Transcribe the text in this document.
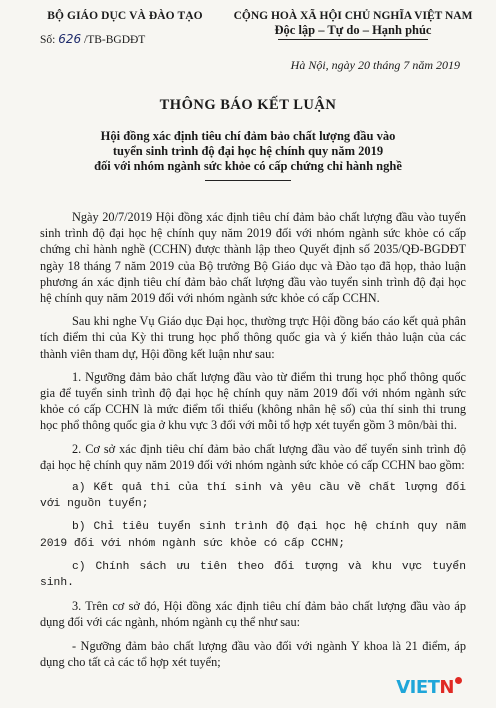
BỘ GIÁO DỤC VÀ ĐÀO TẠO
Số: 626 /TB-BGDĐT
CỘNG HOÀ XÃ HỘI CHỦ NGHĨA VIỆT NAM
Độc lập – Tự do – Hạnh phúc
Hà Nội, ngày 20 tháng 7 năm 2019
THÔNG BÁO KẾT LUẬN
Hội đồng xác định tiêu chí đảm bảo chất lượng đầu vào
tuyển sinh trình độ đại học hệ chính quy năm 2019
đối với nhóm ngành sức khỏe có cấp chứng chỉ hành nghề

Ngày 20/7/2019 Hội đồng xác định tiêu chí đảm bảo chất lượng đầu vào tuyển sinh trình độ đại học hệ chính quy năm 2019 đối với nhóm ngành sức khỏe có cấp chứng chỉ hành nghề (CCHN) được thành lập theo Quyết định số 2035/QĐ-BGDĐT ngày 18 tháng 7 năm 2019 của Bộ trưởng Bộ Giáo dục và Đào tạo đã họp, thảo luận phương án xác định tiêu chí đảm bảo chất lượng đầu vào tuyển sinh trình độ đại học hệ chính quy năm 2019 đối với nhóm ngành sức khỏe có cấp CCHN.

Sau khi nghe Vụ Giáo dục Đại học, thường trực Hội đồng báo cáo kết quả phân tích điểm thi của Kỳ thi trung học phổ thông quốc gia và ý kiến thảo luận của các thành viên tham dự, Hội đồng kết luận như sau:

1. Ngưỡng đảm bảo chất lượng đầu vào từ điểm thi trung học phổ thông quốc gia để tuyển sinh trình độ đại học hệ chính quy năm 2019 đối với nhóm ngành sức khỏe có cấp CCHN là mức điểm tối thiểu (không nhân hệ số) của thí sinh thi trung học phổ thông quốc gia ở khu vực 3 đối với mỗi tổ hợp xét tuyển gồm 3 môn/bài thi.

2. Cơ sở xác định tiêu chí đảm bảo chất lượng đầu vào để tuyển sinh trình độ đại học hệ chính quy năm 2019 đối với nhóm ngành sức khỏe có cấp CCHN bao gồm:

a) Kết quả thi của thí sinh và yêu cầu về chất lượng đối với nguồn tuyển;

b) Chỉ tiêu tuyển sinh trình độ đại học hệ chính quy năm 2019 đối với nhóm ngành sức khỏe có cấp CCHN;

c) Chính sách ưu tiên theo đối tượng và khu vực tuyển sinh.

3. Trên cơ sở đó, Hội đồng xác định tiêu chí đảm bảo chất lượng đầu vào áp dụng đối với các ngành, nhóm ngành cụ thể như sau:

- Ngưỡng đảm bảo chất lượng đầu vào đối với ngành Y khoa là 21 điểm, áp dụng cho tất cả các tổ hợp xét tuyển;

VIETN
